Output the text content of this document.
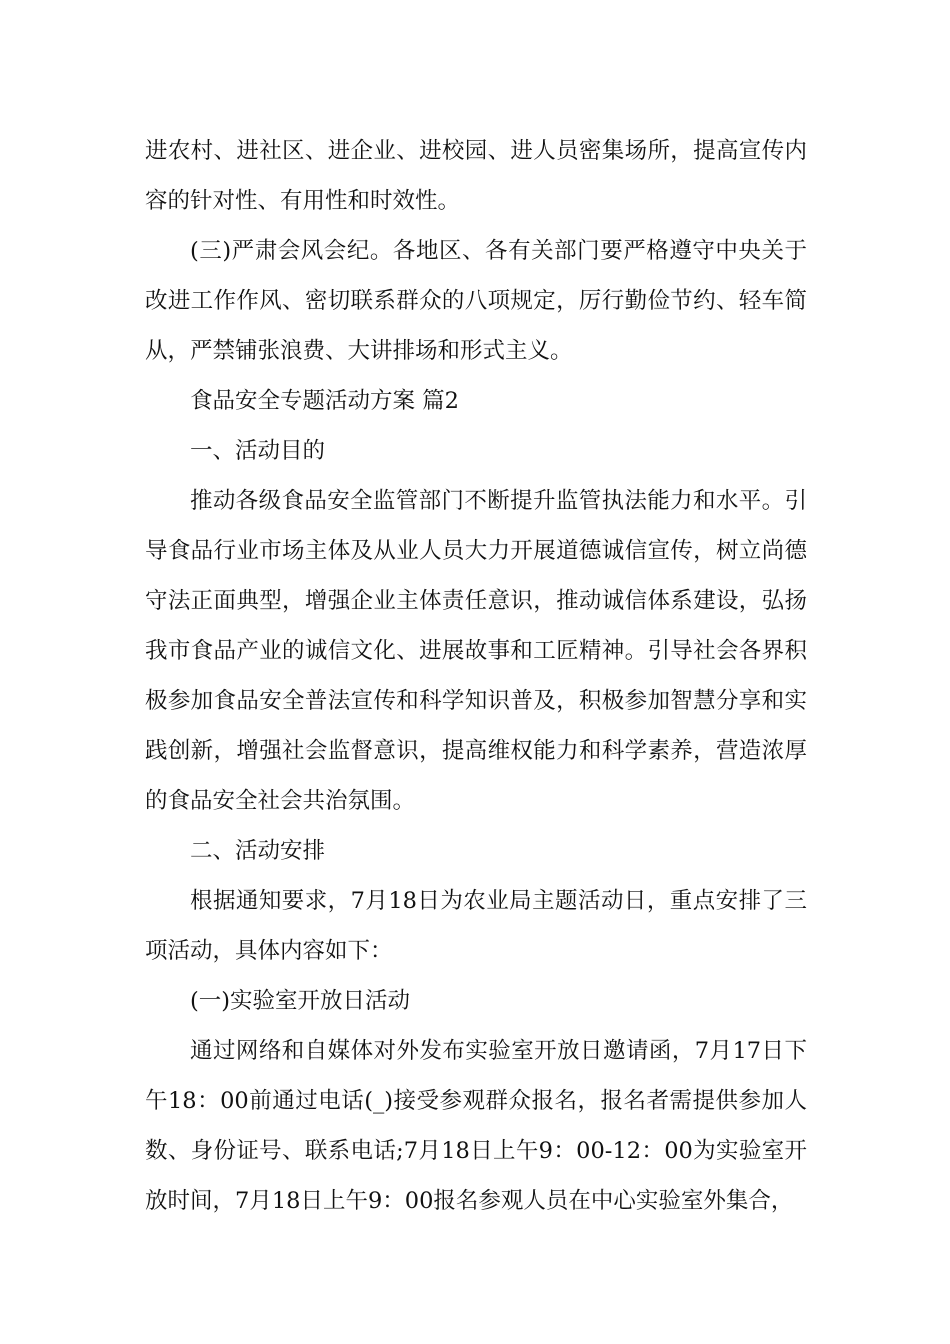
进农村、进社区、进企业、进校园、进人员密集场所，提高宣传内容的针对性、有用性和时效性。

(三)严肃会风会纪。各地区、各有关部门要严格遵守中央关于改进工作作风、密切联系群众的八项规定，厉行勤俭节约、轻车简从，严禁铺张浪费、大讲排场和形式主义。

食品安全专题活动方案 篇2

一、活动目的

推动各级食品安全监管部门不断提升监管执法能力和水平。引导食品行业市场主体及从业人员大力开展道德诚信宣传，树立尚德守法正面典型，增强企业主体责任意识，推动诚信体系建设，弘扬我市食品产业的诚信文化、进展故事和工匠精神。引导社会各界积极参加食品安全普法宣传和科学知识普及，积极参加智慧分享和实践创新，增强社会监督意识，提高维权能力和科学素养，营造浓厚的食品安全社会共治氛围。

二、活动安排

根据通知要求，7月18日为农业局主题活动日，重点安排了三项活动，具体内容如下：

(一)实验室开放日活动

通过网络和自媒体对外发布实验室开放日邀请函，7月17日下午18：00前通过电话(_)接受参观群众报名，报名者需提供参加人数、身份证号、联系电话;7月18日上午9：00-12：00为实验室开放时间，7月18日上午9：00报名参观人员在中心实验室外集合，
